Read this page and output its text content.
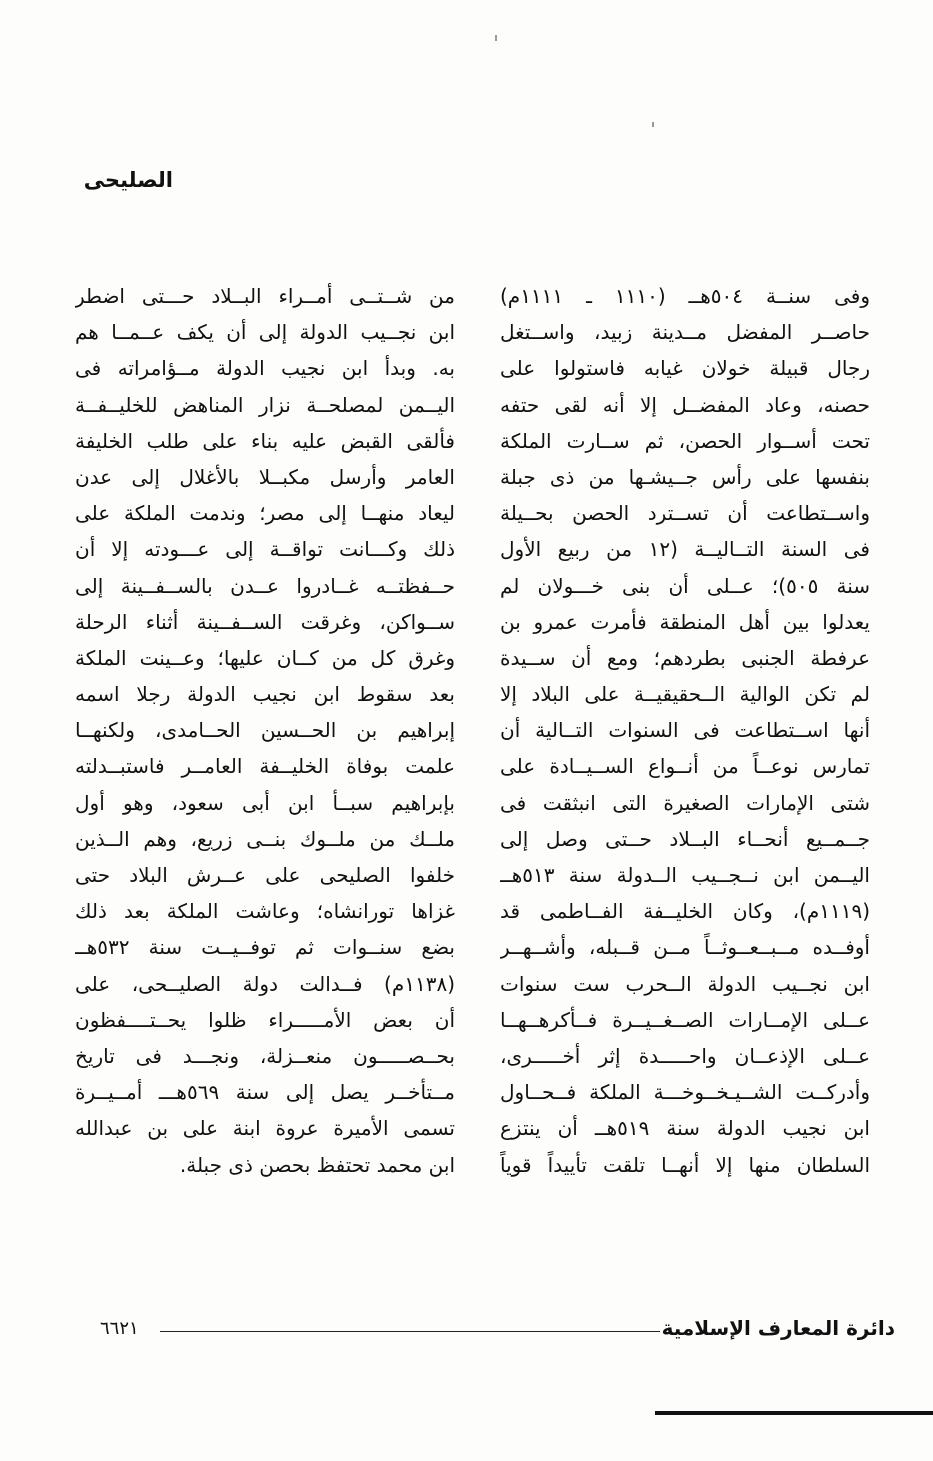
الصليحى
وفى سنــة ٥٠٤هــ (١١١٠ ـ ١١١١م)
حاصــر المفضل مــدينة زبيد، واســتغل
رجال قبيلة خولان غيابه فاستولوا على
حصنه، وعاد المفضــل إلا أنه لقى حتفه
تحت أســوار الحصن، ثم ســارت الملكة
بنفسها على رأس جــيشـها من ذى جبلة
واســتطاعت أن تســترد الحصن بحــيلة
فى السنة التــاليــة (١٢ من ربيع الأول
سنة ٥٠٥)؛ عــلى أن بنى خـــولان لم
يعدلوا بين أهل المنطقة فأمرت عمرو بن
عرفطة الجنبى بطردهم؛ ومع أن ســيدة
لم تكن الوالية الــحقيقيــة على البلاد إلا
أنها اســتطاعت فى السنوات التــالية أن
تمارس نوعــاً من أنــواع الســيــادة على
شتى الإمارات الصغيرة التى انبثقت فى
جــمــيع أنحــاء البــلاد حــتى وصل إلى
اليــمن ابن نــجــيب الــدولة سنة ٥١٣هــ
(١١١٩م)، وكان الخليــفة الفــاطمى قد
أوفــده مــبــعــوثــاً مــن قــبله، وأشــهــر
ابن نجــيب الدولة الــحرب ست سنوات
عــلى الإمــارات الصــغــيــرة فــأكرهــهــا
عــلى الإذعــان واحـــــدة إثر أخـــــرى،
وأدركــت الشــيـخــوخـــة الملكة فــحــاول
ابن نجيب الدولة سنة ٥١٩هــ أن ينتزع
السلطان منها إلا أنهــا تلقت تأييداً قوياً
من شــتــى أمــراء البــلاد حـــتى اضطر
ابن نجــيب الدولة إلى أن يكف عــمــا هم
به. وبدأ ابن نجيب الدولة مــؤامراته فى
اليــمن لمصلحــة نزار المناهض للخليــفــة
فألقى القبض عليه بناء على طلب الخليفة
العامر وأرسل مكبــلا بالأغلال إلى عدن
ليعاد منهــا إلى مصر؛ وندمت الملكة على
ذلك وكـــانت تواقــة إلى عـــودته إلا أن
حــفظتــه غــادروا عــدن بالســفــينة إلى
ســواكن، وغرقت الســفــينة أثناء الرحلة
وغرق كل من كــان عليها؛ وعــينت الملكة
بعد سقوط ابن نجيب الدولة رجلا اسمه
إبراهيم بن الحــسين الحــامدى، ولكنهــا
علمت بوفاة الخليــفة العامــر فاستبــدلته
بإبراهيم سبــأ ابن أبى سعود، وهو أول
ملــك من ملــوك بنــى زريع، وهم الــذين
خلفوا الصليحى على عــرش البلاد حتى
غزاها تورانشاه؛ وعاشت الملكة بعد ذلك
بضع سنــوات ثم توفــيــت سنة ٥٣٢هــ
(١١٣٨م) فــدالت دولة الصليــحى، على
أن بعض الأمـــــراء ظلوا يحــتــــفظون
بحــصـــــون منعــزلة، ونجـــد فى تاريخ
مــتأخــر يصل إلى سنة ٥٦٩هـــ أمــيــرة
تسمى الأميرة عروة ابنة على بن عبدالله
ابن محمد تحتفظ بحصن ذى جبلة.
دائرة المعارف الإسلامية
٦٦٢١
